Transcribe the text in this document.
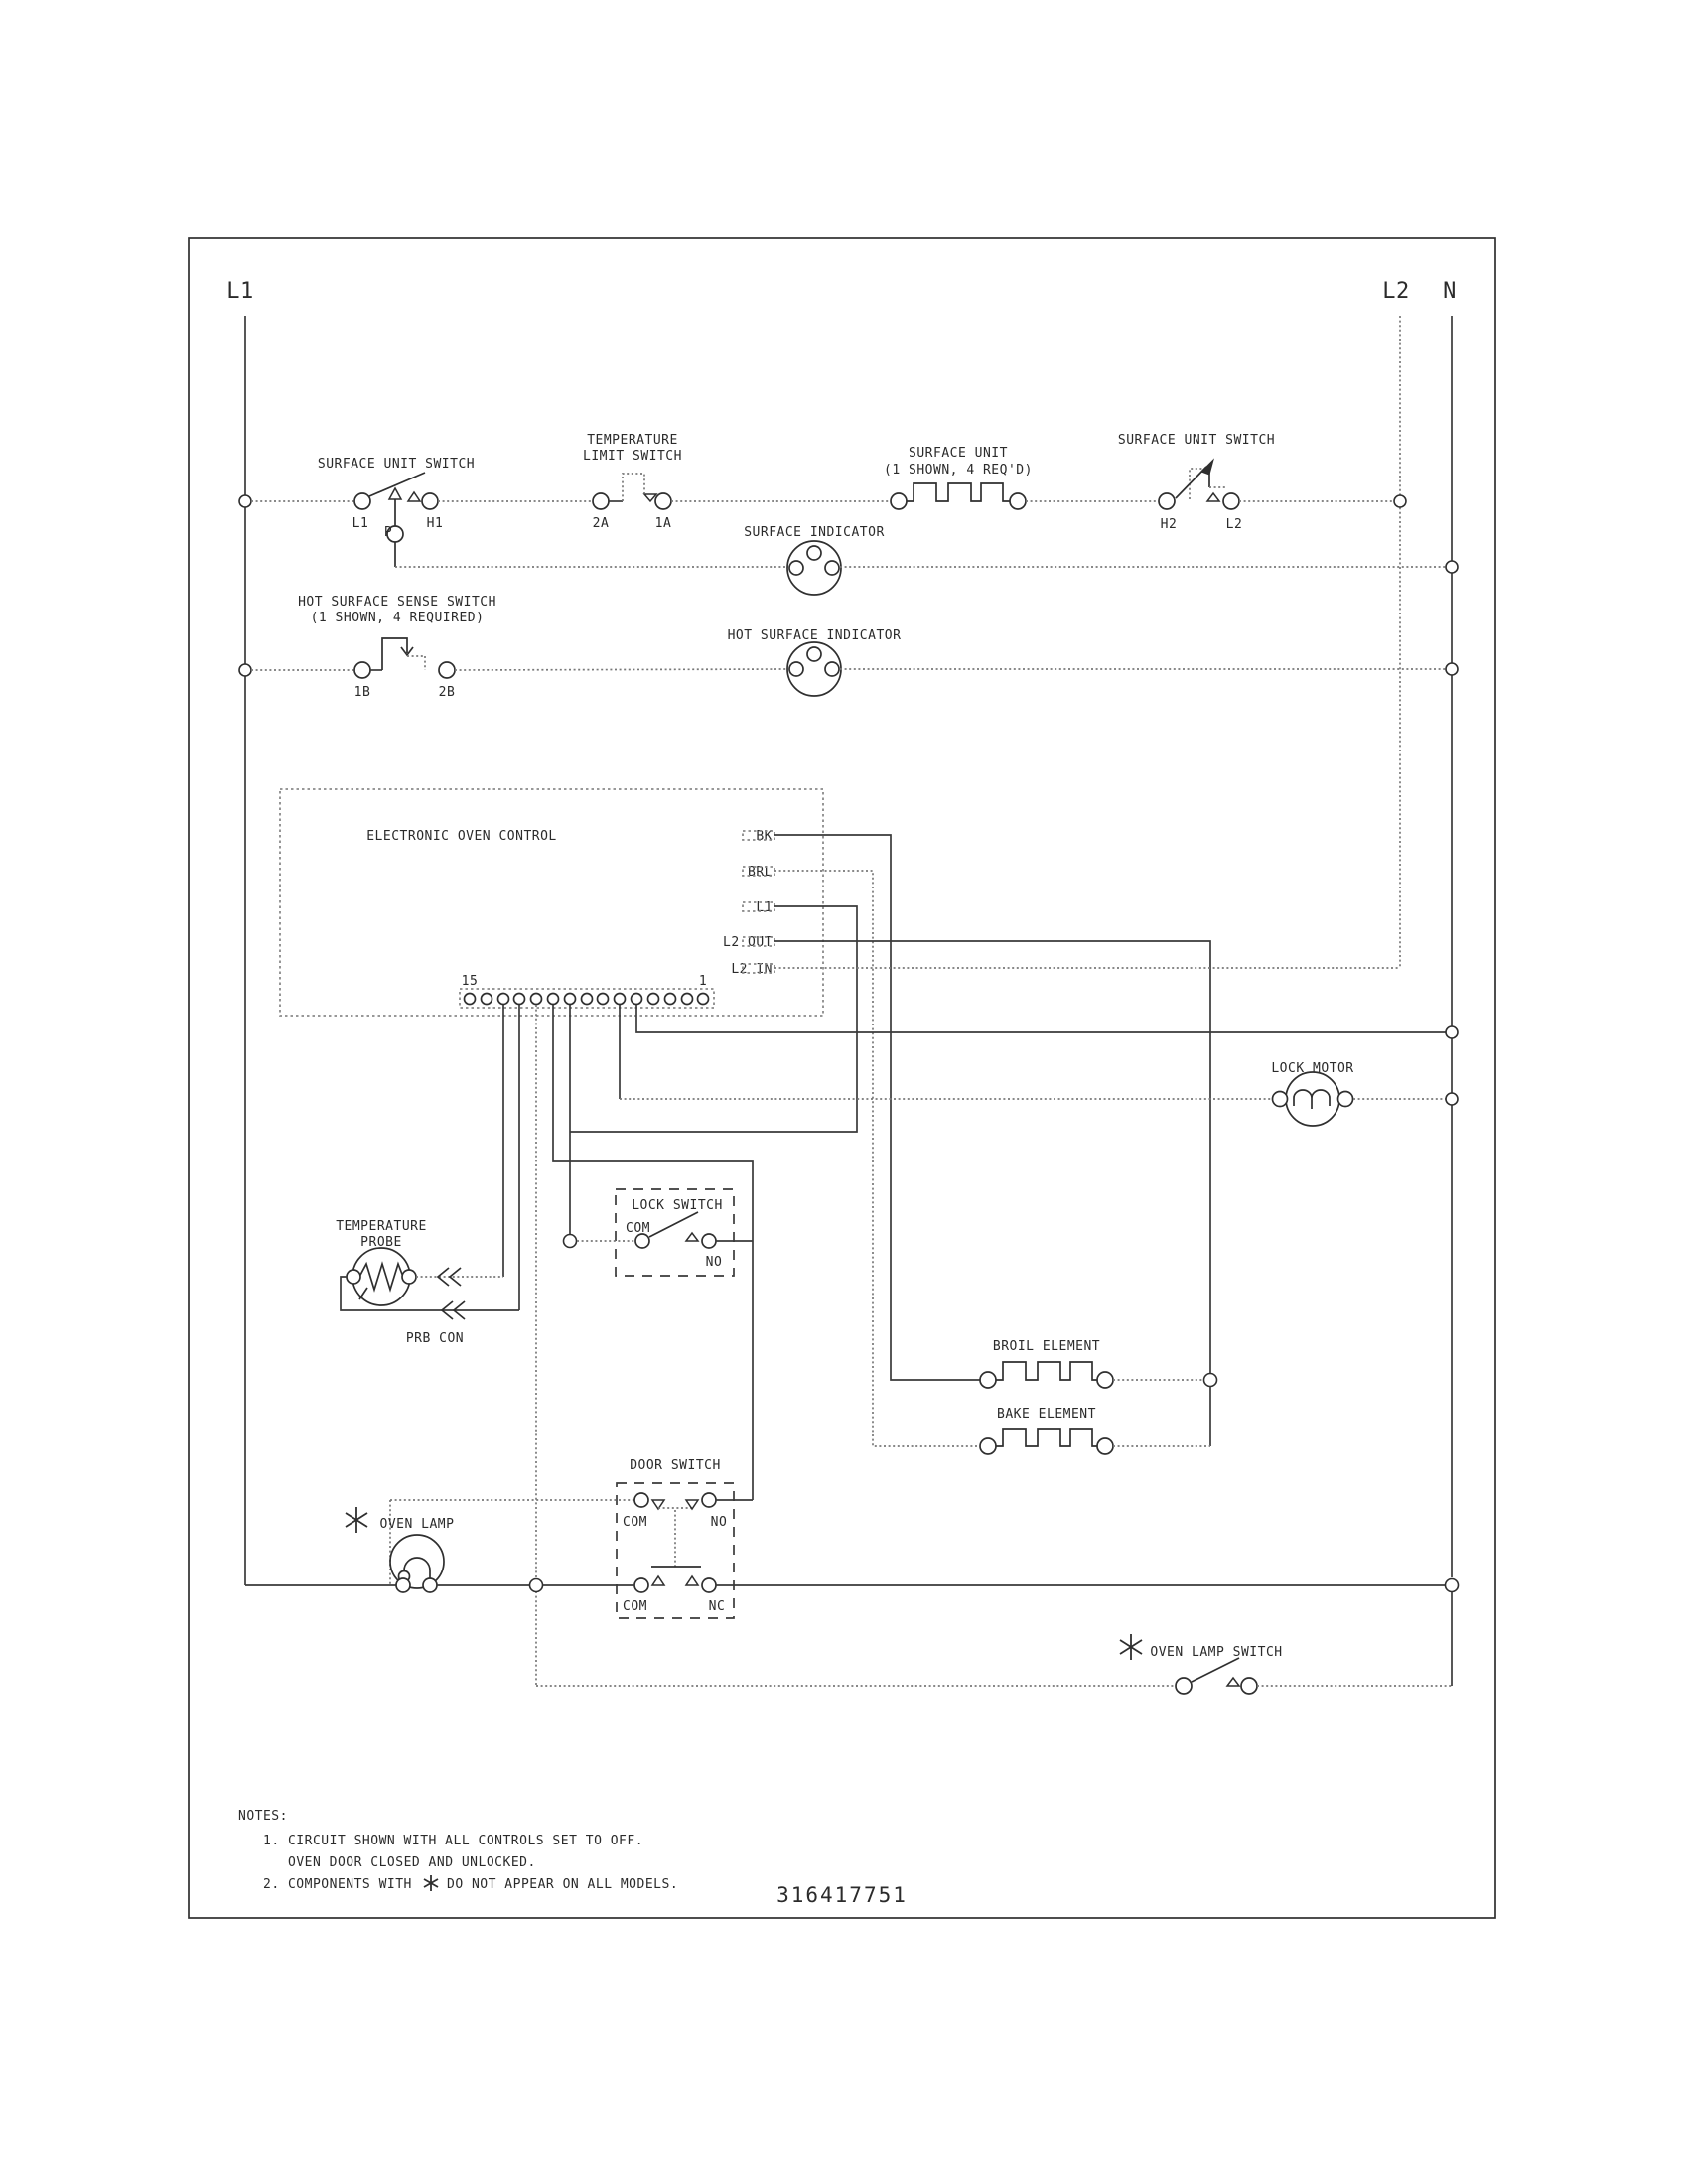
L1	L2 N
SURFACE UNIT SWITCH
L1
P
H1
TEMPERATURE
LIMIT SWITCH
2A	1A
SURFACE UNIT
(1 SHOWN, 4 REQ'D)
SURFACE UNIT SWITCH
H2	L2
SURFACE INDICATOR
HOT SURFACE SENSE SWITCH
(1 SHOWN, 4 REQUIRED)
1B	2B
HOT SURFACE INDICATOR
ELECTRONIC OVEN CONTROL	BK
BRL
L1
L2 OUT
L2 IN
15	1
LOCK MOTOR
TEMPERATURE
PROBE
PRB CON
LOCK SWITCH
COM
NO
BROIL ELEMENT
BAKE ELEMENT
DOOR SWITCH
COM	NO
COM	NC
OVEN LAMP
OVEN LAMP SWITCH
NOTES:
1. CIRCUIT SHOWN WITH ALL CONTROLS SET TO OFF.
OVEN DOOR CLOSED AND UNLOCKED.
2. COMPONENTS WITH	DO NOT APPEAR ON ALL MODELS.	316417751
